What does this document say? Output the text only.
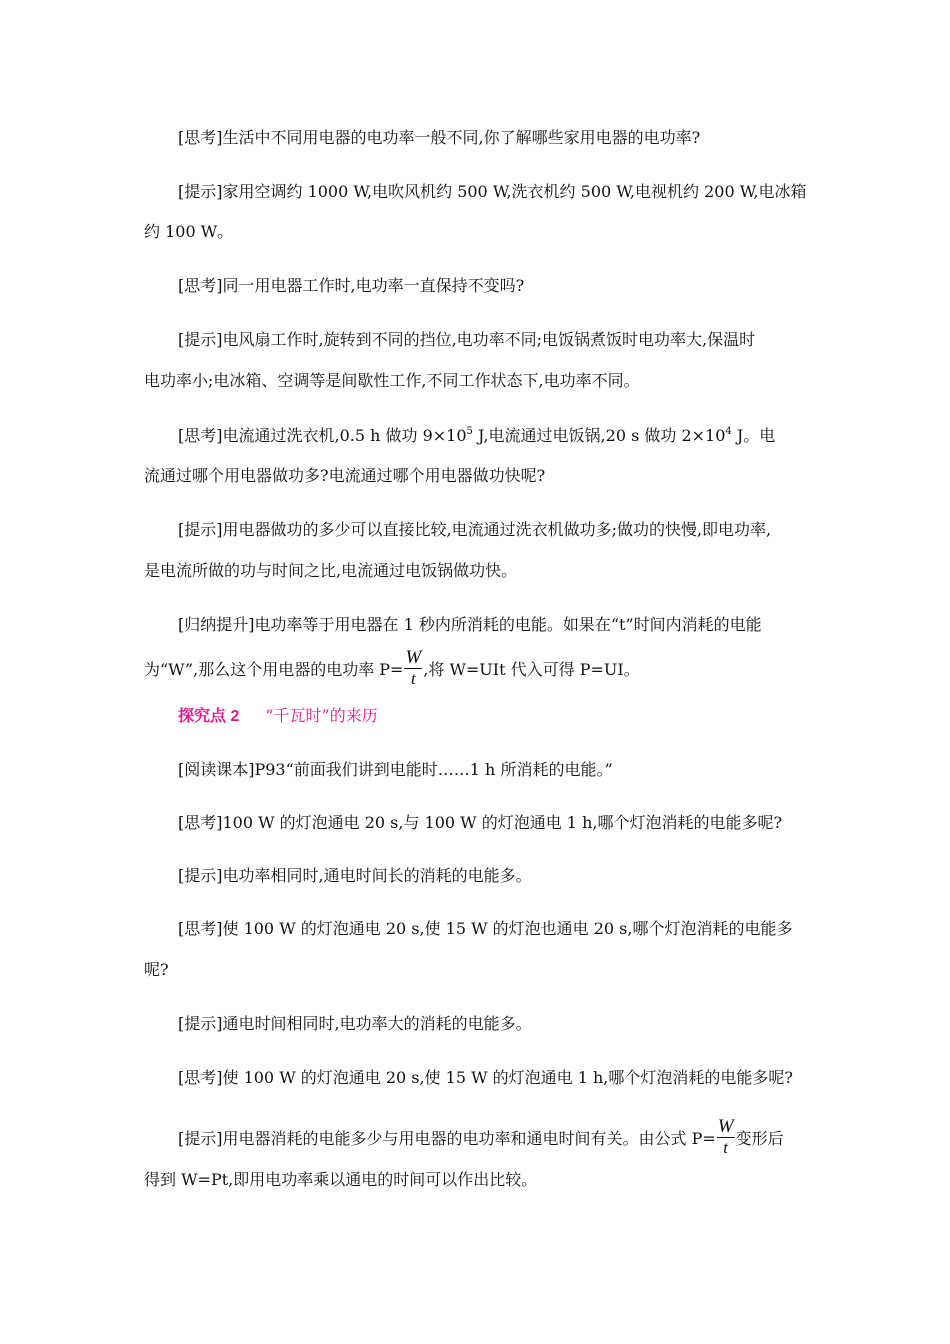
[思考]生活中不同用电器的电功率一般不同,你了解哪些家用电器的电功率?
[提示]家用空调约 1000 W,电吹风机约 500 W,洗衣机约 500 W,电视机约 200 W,电冰箱
约 100 W。
[思考]同一用电器工作时,电功率一直保持不变吗?
[提示]电风扇工作时,旋转到不同的挡位,电功率不同;电饭锅煮饭时电功率大,保温时
电功率小;电冰箱、空调等是间歇性工作,不同工作状态下,电功率不同。
[思考]电流通过洗衣机,0.5 h 做功 $9\times 10^5$ J,电流通过电饭锅,20 s 做功 $2\times 10^4$ J。电
流通过哪个用电器做功多?电流通过哪个用电器做功快呢?
[提示]用电器做功的多少可以直接比较,电流通过洗衣机做功多;做功的快慢,即电功率,
是电流所做的功与时间之比,电流通过电饭锅做功快。
[归纳提升]电功率等于用电器在 1 秒内所消耗的电能。如果在“t”时间内消耗的电能
为“W”,那么这个用电器的电功率 $P= \frac{W}{t}$ ,将 W=UIt 代入可得 P=UI。
探究点 2 “千瓦时”的来历
[阅读课本]P93“前面我们讲到电能时……1 h 所消耗的电能。”
[思考]100 W 的灯泡通电 20 s,与 100 W 的灯泡通电 1 h,哪个灯泡消耗的电能多呢?
[提示]电功率相同时,通电时间长的消耗的电能多。
[思考]使 100 W 的灯泡通电 20 s,使 15 W 的灯泡也通电 20 s,哪个灯泡消耗的电能多
呢?
[提示]通电时间相同时,电功率大的消耗的电能多。
[思考]使 100 W 的灯泡通电 20 s,使 15 W 的灯泡通电 1 h,哪个灯泡消耗的电能多呢?
[提示]用电器消耗的电能多少与用电器的电功率和通电时间有关。由公式 $P= \frac{W}{t}$ 变形后
得到 W=Pt,即用电功率乘以通电的时间可以作出比较。
